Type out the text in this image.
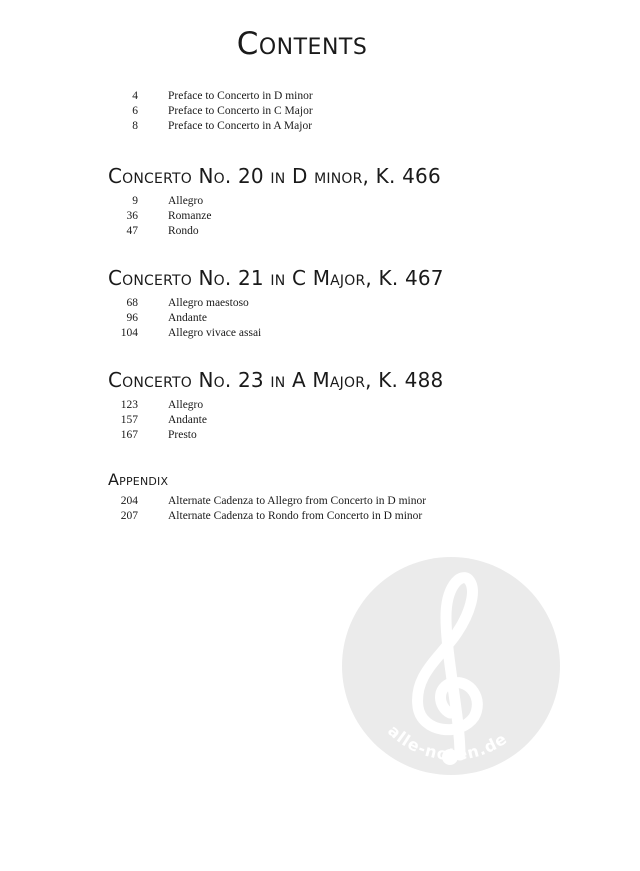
Contents
4	Preface to Concerto in D minor
6	Preface to Concerto in C Major
8	Preface to Concerto in A Major
Concerto No. 20 in D minor, K. 466
9	Allegro
36	Romanze
47	Rondo
Concerto No. 21 in C Major, K. 467
68	Allegro maestoso
96	Andante
104	Allegro vivace assai
Concerto No. 23 in A Major, K. 488
123	Allegro
157	Andante
167	Presto
Appendix
204	Alternate Cadenza to Allegro from Concerto in D minor
207	Alternate Cadenza to Rondo from Concerto in D minor
alle-noten.de
